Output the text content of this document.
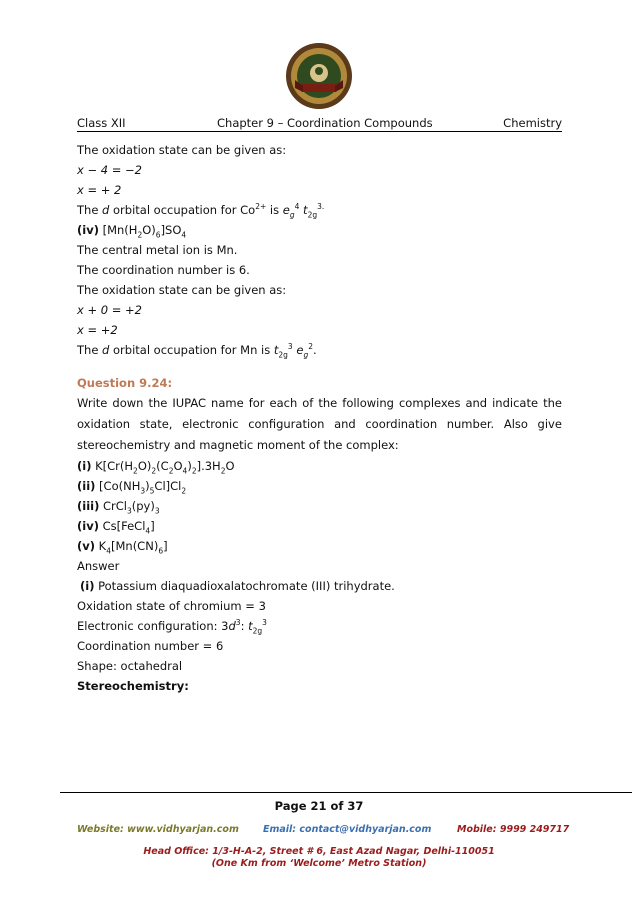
Class XII	Chapter 9 – Coordination Compounds	Chemistry
The oxidation state can be given as:
x − 4 = −2
x = + 2
The d orbital occupation for $Co^{2+}$ is $e_g^4$ $t_{2g}^{3.}$
(iv) $[Mn(H_2O)_6]SO_4$
The central metal ion is Mn.
The coordination number is 6.
The oxidation state can be given as:
x + 0 = +2
x = +2
The d orbital occupation for Mn is $t_{2g}^3$ $e_g^2$.
Question 9.24:
Write down the IUPAC name for each of the following complexes and indicate the
oxidation state, electronic configuration and coordination number. Also give
stereochemistry and magnetic moment of the complex:
(i) $K[Cr(H_2O)_2(C_2O_4)_2].3H_2O$
(ii) $[Co(NH_3)_5Cl]Cl_2$
(iii) $CrCl_3(py)_3$
(iv) Cs[FeCl$_4$]
(v) $K_4[Mn(CN)_6]$
Answer
(i) Potassium diaquadioxalatochromate (III) trihydrate.
Oxidation state of chromium = 3
Electronic configuration: $3d^3$: $t_{2g}^3$
Coordination number = 6
Shape: octahedral
Stereochemistry:
Page 21 of 37
Website: www.vidhyarjan.com	Email: contact@vidhyarjan.com	Mobile: 9999 249717
Head Office: 1/3-H-A-2, Street # 6, East Azad Nagar, Delhi-110051
(One Km from ‘Welcome’ Metro Station)
